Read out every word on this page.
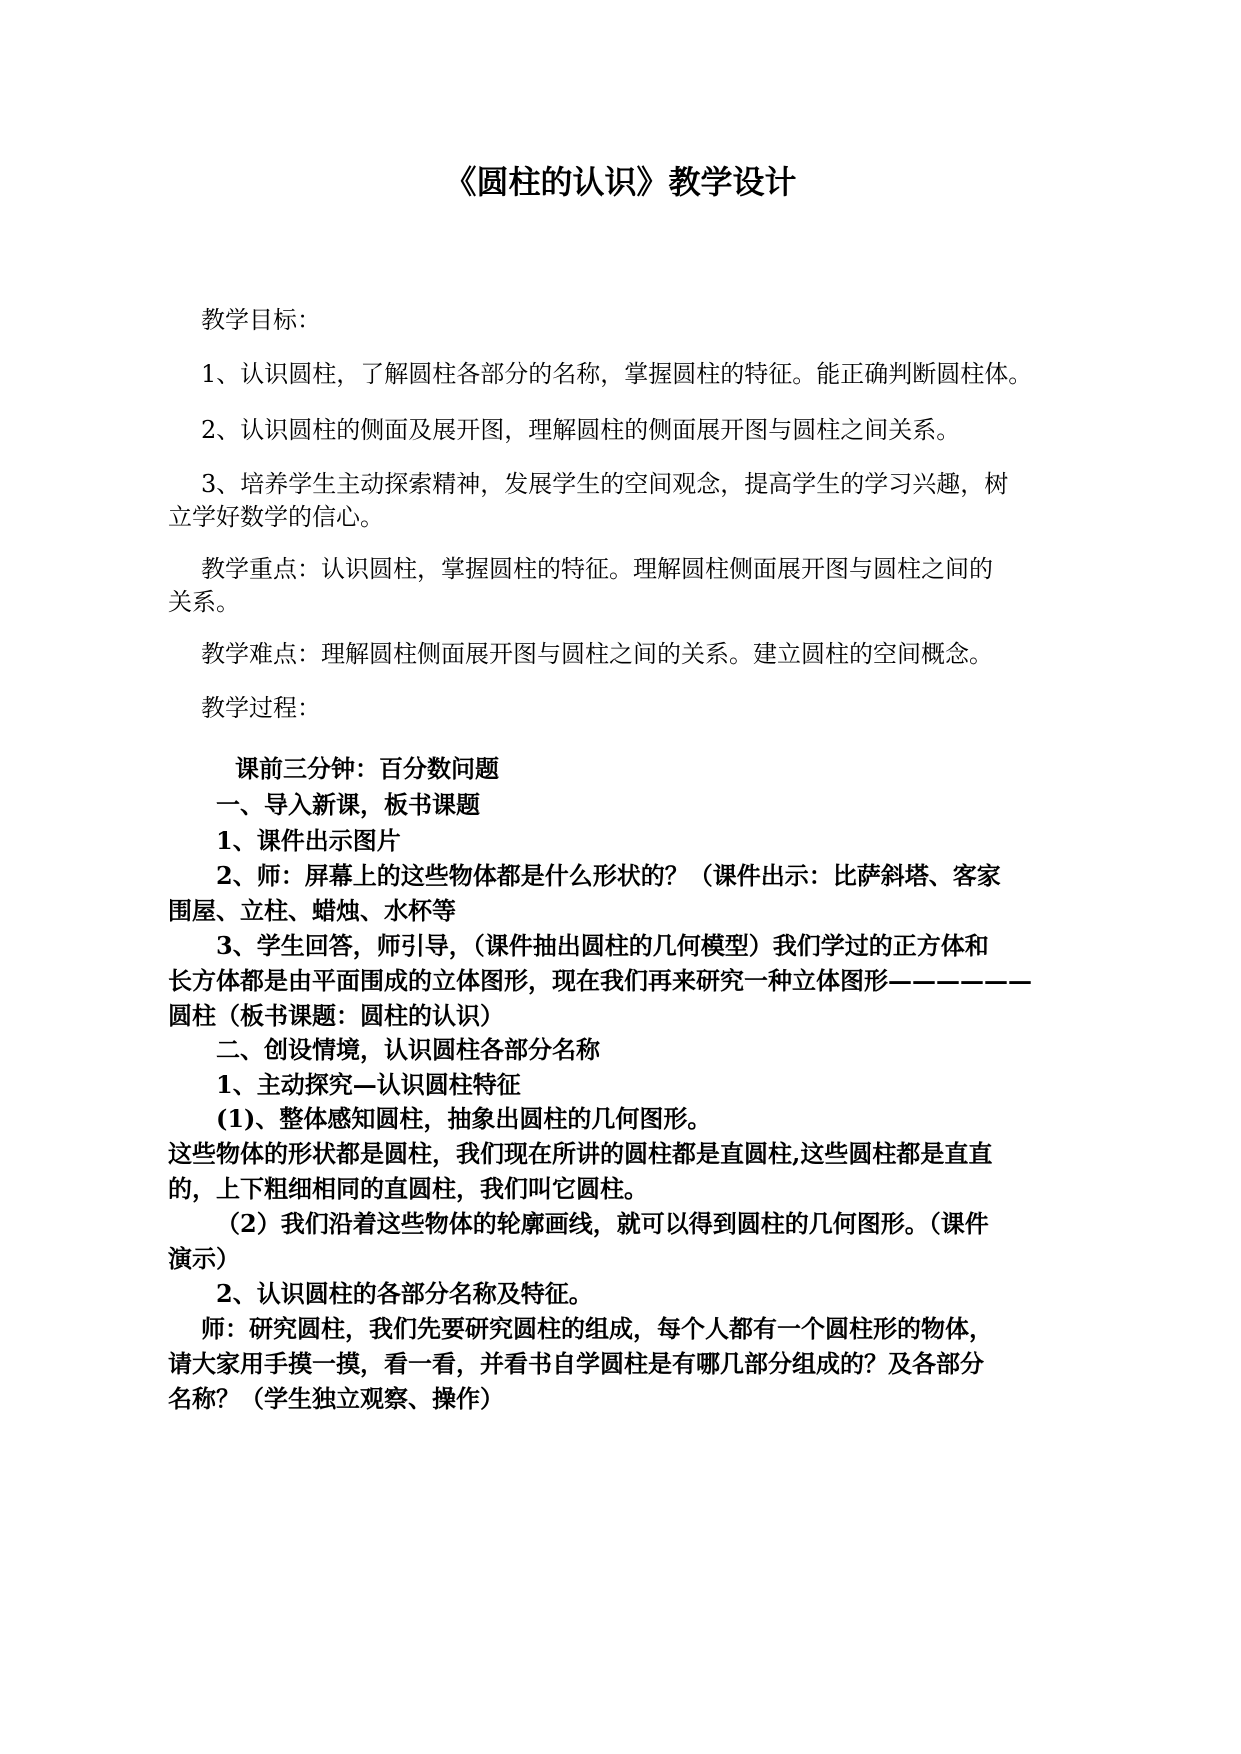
《圆柱的认识》教学设计
教学目标：
1、认识圆柱，了解圆柱各部分的名称，掌握圆柱的特征。能正确判断圆柱体。
2、认识圆柱的侧面及展开图，理解圆柱的侧面展开图与圆柱之间关系。
3、培养学生主动探索精神，发展学生的空间观念，提高学生的学习兴趣，树
立学好数学的信心。
教学重点：认识圆柱，掌握圆柱的特征。理解圆柱侧面展开图与圆柱之间的
关系。
教学难点：理解圆柱侧面展开图与圆柱之间的关系。建立圆柱的空间概念。
教学过程：
课前三分钟：百分数问题
一、导入新课，板书课题
1、课件出示图片
2、师：屏幕上的这些物体都是什么形状的？（课件出示：比萨斜塔、客家
围屋、立柱、蜡烛、水杯等
3、学生回答，师引导，（课件抽出圆柱的几何模型）我们学过的正方体和
长方体都是由平面围成的立体图形，现在我们再来研究一种立体图形——————
圆柱（板书课题：圆柱的认识）
二、创设情境，认识圆柱各部分名称
1、主动探究—认识圆柱特征
(1)、整体感知圆柱，抽象出圆柱的几何图形。
这些物体的形状都是圆柱，我们现在所讲的圆柱都是直圆柱,这些圆柱都是直直
的，上下粗细相同的直圆柱，我们叫它圆柱。
（2）我们沿着这些物体的轮廓画线，就可以得到圆柱的几何图形。（课件
演示）
2、认识圆柱的各部分名称及特征。
师：研究圆柱，我们先要研究圆柱的组成，每个人都有一个圆柱形的物体，
请大家用手摸一摸，看一看，并看书自学圆柱是有哪几部分组成的？及各部分
名称？（学生独立观察、操作）
